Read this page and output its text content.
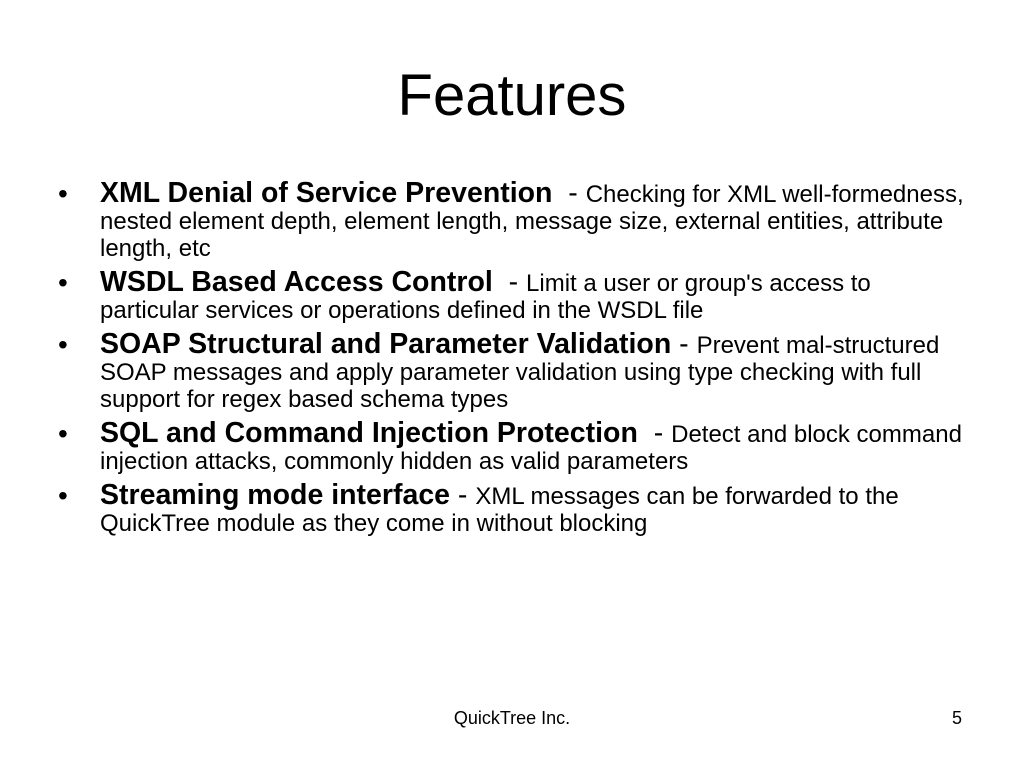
Features
• XML Denial of Service Prevention  - Checking for XML well-formedness, nested element depth, element length, message size, external entities, attribute length, etc
• WSDL Based Access Control  - Limit a user or group's access to particular services or operations defined in the WSDL file
• SOAP Structural and Parameter Validation - Prevent mal-structured SOAP messages and apply parameter validation using type checking with full support for regex based schema types
• SQL and Command Injection Protection  - Detect and block command injection attacks, commonly hidden as valid parameters
• Streaming mode interface - XML messages can be forwarded to the QuickTree module as they come in without blocking
QuickTree Inc.	5
